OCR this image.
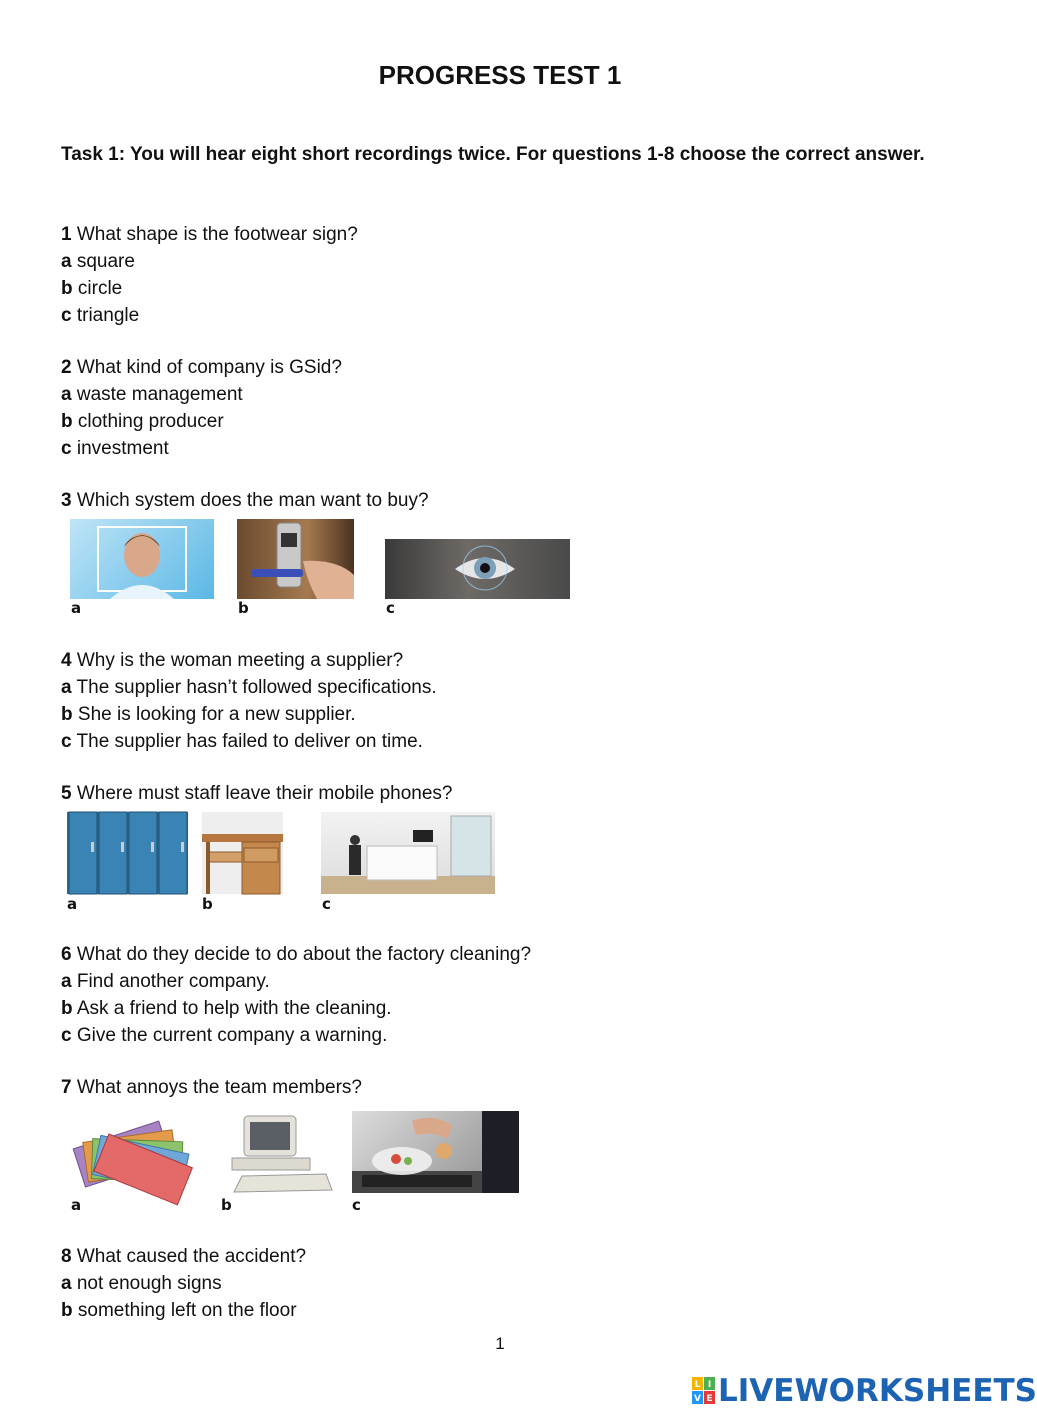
PROGRESS TEST 1
Task 1: You will hear eight short recordings twice. For questions 1-8 choose the correct answer.
1 What shape is the footwear sign?
a square
b circle
c triangle
2 What kind of company is GSid?
a waste management
b clothing producer
c investment
3 Which system does the man want to buy?
a	b	c
4 Why is the woman meeting a supplier?
a The supplier hasn’t followed specifications.
b She is looking for a new supplier.
c The supplier has failed to deliver on time.
5 Where must staff leave their mobile phones?
a	b	c
6 What do they decide to do about the factory cleaning?
a Find another company.
b Ask a friend to help with the cleaning.
c Give the current company a warning.
7 What annoys the team members?
a	b	c
8 What caused the accident?
a not enough signs
b something left on the floor
1
L I
V E LIVEWORKSHEETS
